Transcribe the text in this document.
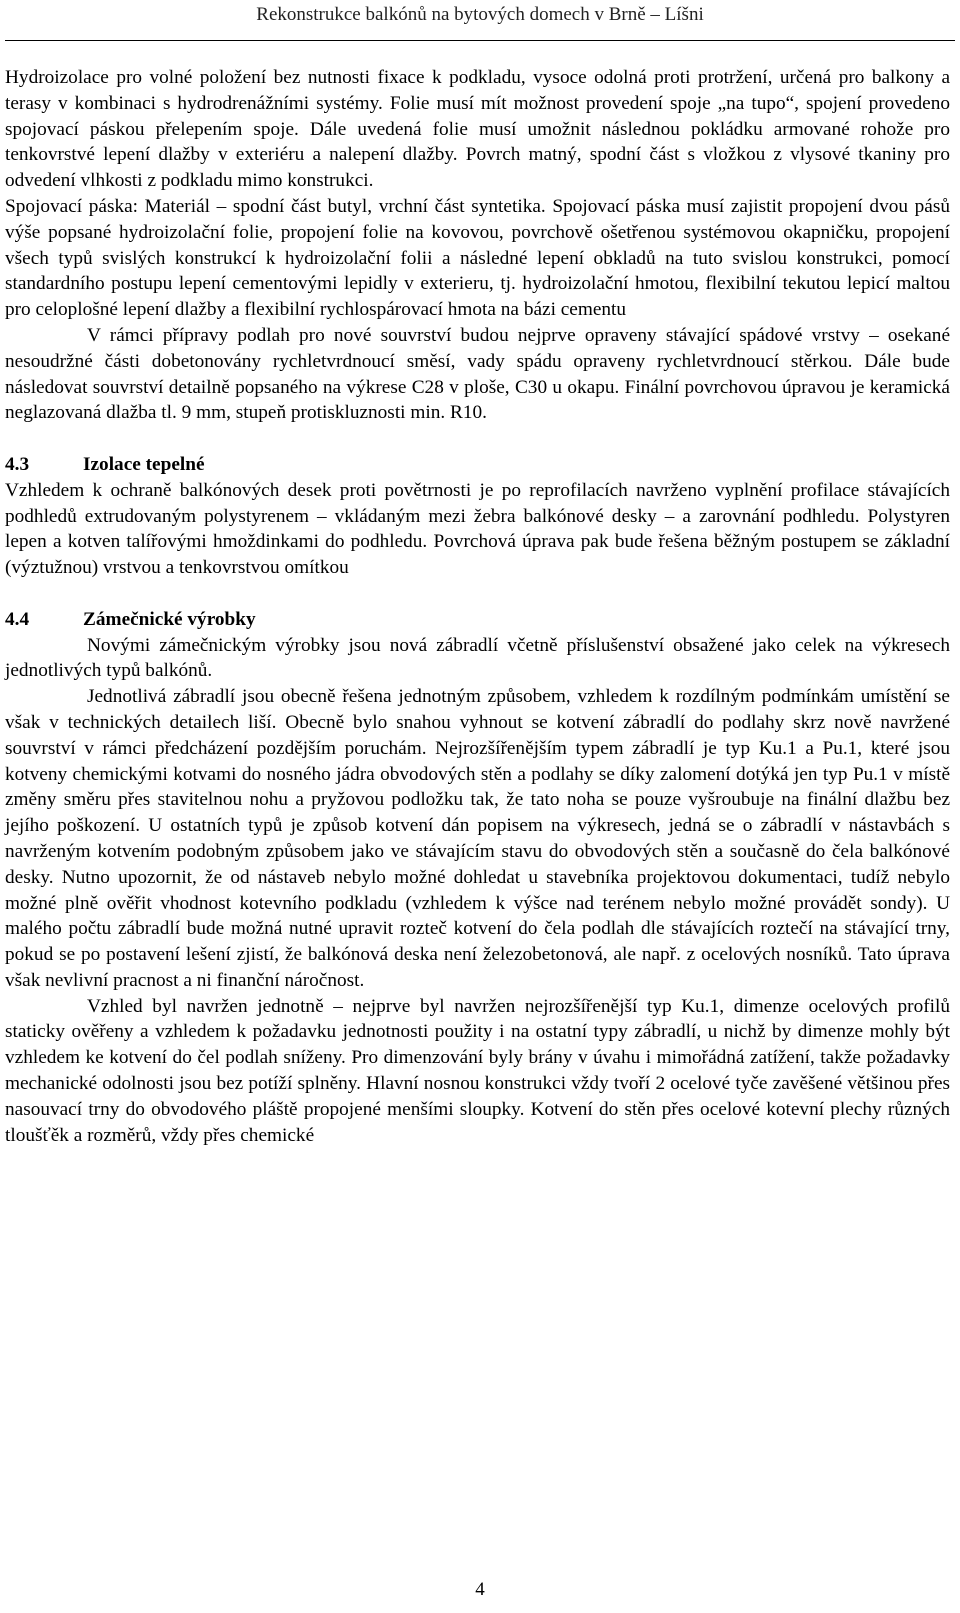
Rekonstrukce balkónů na bytových domech v Brně – Líšni

Hydroizolace pro volné položení bez nutnosti fixace k podkladu, vysoce odolná proti protržení, určená pro balkony a terasy v kombinaci s hydrodrenážními systémy. Folie musí mít možnost provedení spoje „na tupo“, spojení provedeno spojovací páskou přelepením spoje. Dále uvedená folie musí umožnit následnou pokládku armované rohože pro tenkovrstvé lepení dlažby v exteriéru a nalepení dlažby. Povrch matný, spodní část s vložkou z vlysové tkaniny pro odvedení vlhkosti z podkladu mimo konstrukci.

Spojovací páska: Materiál – spodní část butyl, vrchní část syntetika. Spojovací páska musí zajistit propojení dvou pásů výše popsané hydroizolační folie, propojení folie na kovovou, povrchově ošetřenou systémovou okapničku, propojení všech typů svislých konstrukcí k hydroizolační folii a následné lepení obkladů na tuto svislou konstrukci, pomocí standardního postupu lepení cementovými lepidly v exterieru, tj. hydroizolační hmotou, flexibilní tekutou lepicí maltou pro celoplošné lepení dlažby a flexibilní rychlospárovací hmota na bázi cementu

V rámci přípravy podlah pro nové souvrství budou nejprve opraveny stávající spádové vrstvy – osekané nesoudržné části dobetonovány rychletvrdnoucí směsí, vady spádu opraveny rychletvrdnoucí stěrkou. Dále bude následovat souvrství detailně popsaného na výkrese C28 v ploše, C30 u okapu. Finální povrchovou úpravou je keramická neglazovaná dlažba tl. 9 mm, stupeň protiskluznosti min. R10.

4.3	Izolace tepelné

Vzhledem k ochraně balkónových desek proti povětrnosti je po reprofilacích navrženo vyplnění profilace stávajících podhledů extrudovaným polystyrenem – vkládaným mezi žebra balkónové desky – a zarovnání podhledu. Polystyren lepen a kotven talířovými hmoždinkami do podhledu. Povrchová úprava pak bude řešena běžným postupem se základní (výztužnou) vrstvou a tenkovrstvou omítkou

4.4	Zámečnické výrobky

Novými zámečnickým výrobky jsou nová zábradlí včetně příslušenství obsažené jako celek na výkresech jednotlivých typů balkónů.

Jednotlivá zábradlí jsou obecně řešena jednotným způsobem, vzhledem k rozdílným podmínkám umístění se však v technických detailech liší. Obecně bylo snahou vyhnout se kotvení zábradlí do podlahy skrz nově navržené souvrství v rámci předcházení pozdějším poruchám. Nejrozšířenějším typem zábradlí je typ Ku.1 a Pu.1, které jsou kotveny chemickými kotvami do nosného jádra obvodových stěn a podlahy se díky zalomení dotýká jen typ Pu.1 v místě změny směru přes stavitelnou nohu a pryžovou podložku tak, že tato noha se pouze vyšroubuje na finální dlažbu bez jejího poškození. U ostatních typů je způsob kotvení dán popisem na výkresech, jedná se o zábradlí v nástavbách s navrženým kotvením podobným způsobem jako ve stávajícím stavu do obvodových stěn a současně do čela balkónové desky. Nutno upozornit, že od nástaveb nebylo možné dohledat u stavebníka projektovou dokumentaci, tudíž nebylo možné plně ověřit vhodnost kotevního podkladu (vzhledem k výšce nad terénem nebylo možné provádět sondy). U malého počtu zábradlí bude možná nutné upravit rozteč kotvení do čela podlah dle stávajících roztečí na stávající trny, pokud se po postavení lešení zjistí, že balkónová deska není železobetonová, ale např. z ocelových nosníků. Tato úprava však nevlivní pracnost a ni finanční náročnost.

Vzhled byl navržen jednotně – nejprve byl navržen nejrozšířenější typ Ku.1, dimenze ocelových profilů staticky ověřeny a vzhledem k požadavku jednotnosti použity i na ostatní typy zábradlí, u nichž by dimenze mohly být vzhledem ke kotvení do čel podlah sníženy. Pro dimenzování byly brány v úvahu i mimořádná zatížení, takže požadavky mechanické odolnosti jsou bez potíží splněny. Hlavní nosnou konstrukci vždy tvoří 2 ocelové tyče zavěšené většinou přes nasouvací trny do obvodového pláště propojené menšími sloupky. Kotvení do stěn přes ocelové kotevní plechy různých tloušťěk a rozměrů, vždy přes chemické

4
